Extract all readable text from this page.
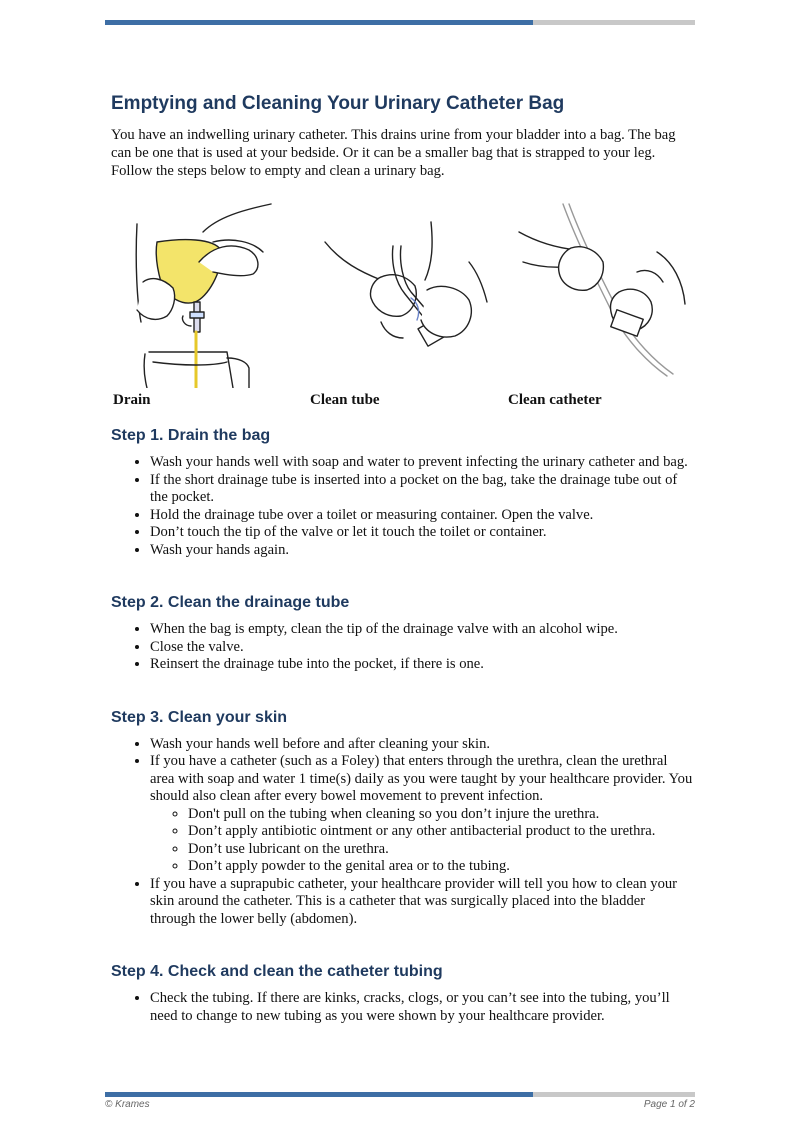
Emptying and Cleaning Your Urinary Catheter Bag

You have an indwelling urinary catheter. This drains urine from your bladder into a bag. The bag can be one that is used at your bedside. Or it can be a smaller bag that is strapped to your leg. Follow the steps below to empty and clean a urinary bag.

Drain	Clean tube	Clean catheter
Step 1. Drain the bag
• Wash your hands well with soap and water to prevent infecting the urinary catheter and bag.
• If the short drainage tube is inserted into a pocket on the bag, take the drainage tube out of the pocket.
• Hold the drainage tube over a toilet or measuring container. Open the valve.
• Don’t touch the tip of the valve or let it touch the toilet or container.
• Wash your hands again.
Step 2. Clean the drainage tube
• When the bag is empty, clean the tip of the drainage valve with an alcohol wipe.
• Close the valve.
• Reinsert the drainage tube into the pocket, if there is one.
Step 3. Clean your skin
• Wash your hands well before and after cleaning your skin.
• If you have a catheter (such as a Foley) that enters through the urethra, clean the urethral area with soap and water 1 time(s) daily as you were taught by your healthcare provider. You should also clean after every bowel movement to prevent infection.
◦ Don't pull on the tubing when cleaning so you don’t injure the urethra.
◦ Don’t apply antibiotic ointment or any other antibacterial product to the urethra.
◦ Don’t use lubricant on the urethra.
◦ Don’t apply powder to the genital area or to the tubing.
• If you have a suprapubic catheter, your healthcare provider will tell you how to clean your skin around the catheter. This is a catheter that was surgically placed into the bladder through the lower belly (abdomen).
Step 4. Check and clean the catheter tubing
• Check the tubing. If there are kinks, cracks, clogs, or you can’t see into the tubing, you’ll need to change to new tubing as you were shown by your healthcare provider.
© Krames	Page 1 of 2
